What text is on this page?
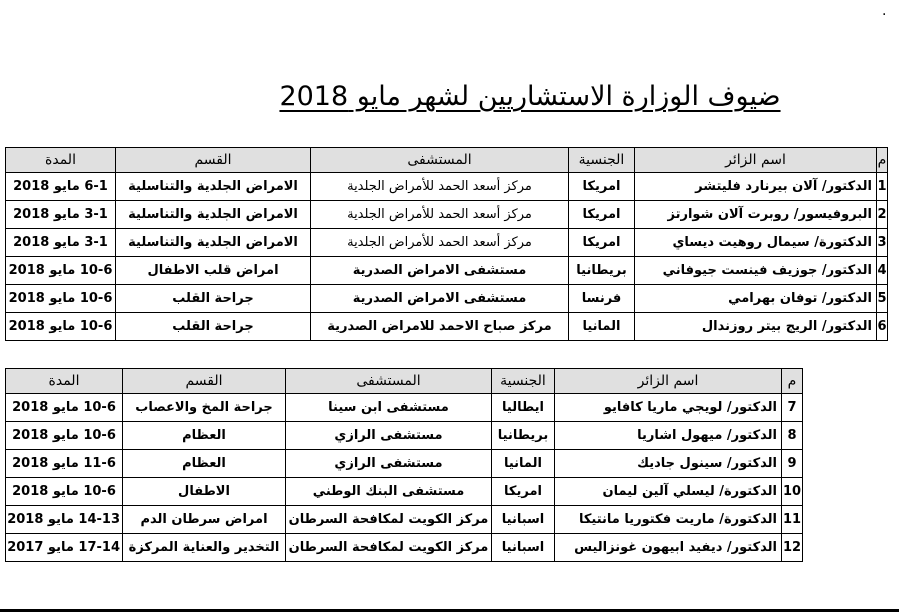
.
ضيوف الوزارة الاستشاريين لشهر مايو 2018
م	اسم الزائر	الجنسية	المستشفى	القسم	المدة
1	الدكتور/ آلان بيرنارد فليتشر	امريكا	مركز أسعد الحمد للأمراض الجلدية	الامراض الجلدية والتناسلية	6-1 مايو 2018
2	البروفيسور/ روبرت آلان شوارتز	امريكا	مركز أسعد الحمد للأمراض الجلدية	الامراض الجلدية والتناسلية	3-1 مايو 2018
3	الدكتورة/ سيمال روهيت ديساي	امريكا	مركز أسعد الحمد للأمراض الجلدية	الامراض الجلدية والتناسلية	3-1 مايو 2018
4	الدكتور/ جوزيف فينست جيوفاني	بريطانيا	مستشفى الامراض الصدرية	امراض قلب الاطفال	10-6 مايو 2018
5	الدكتور/ توفان بهرامي	فرنسا	مستشفى الامراض الصدرية	جراحة القلب	10-6 مايو 2018
6	الدكتور/ الريج بيتر روزندال	المانيا	مركز صباح الاحمد للامراض الصدرية	جراحة القلب	10-6 مايو 2018
م	اسم الزائر	الجنسية	المستشفى	القسم	المدة
7	الدكتور/ لويجي ماريا كافايو	ايطاليا	مستشفى ابن سينا	جراحة المخ والاعصاب	10-6 مايو 2018
8	الدكتور/ ميهول اشاريا	بريطانيا	مستشفى الرازي	العظام	10-6 مايو 2018
9	الدكتور/ سينول جاديك	المانيا	مستشفى الرازي	العظام	11-6 مايو 2018
10	الدكتورة/ ليسلي آلين ليمان	امريكا	مستشفى البنك الوطني	الاطفال	10-6 مايو 2018
11	الدكتورة/ ماريت فكتوريا مانتيكا	اسبانيا	مركز الكويت لمكافحة السرطان	امراض سرطان الدم	14-13 مايو 2018
12	الدكتور/ ديفيد ابيهون غونزاليس	اسبانيا	مركز الكويت لمكافحة السرطان	التخدير والعناية المركزة	17-14 مايو 2017
